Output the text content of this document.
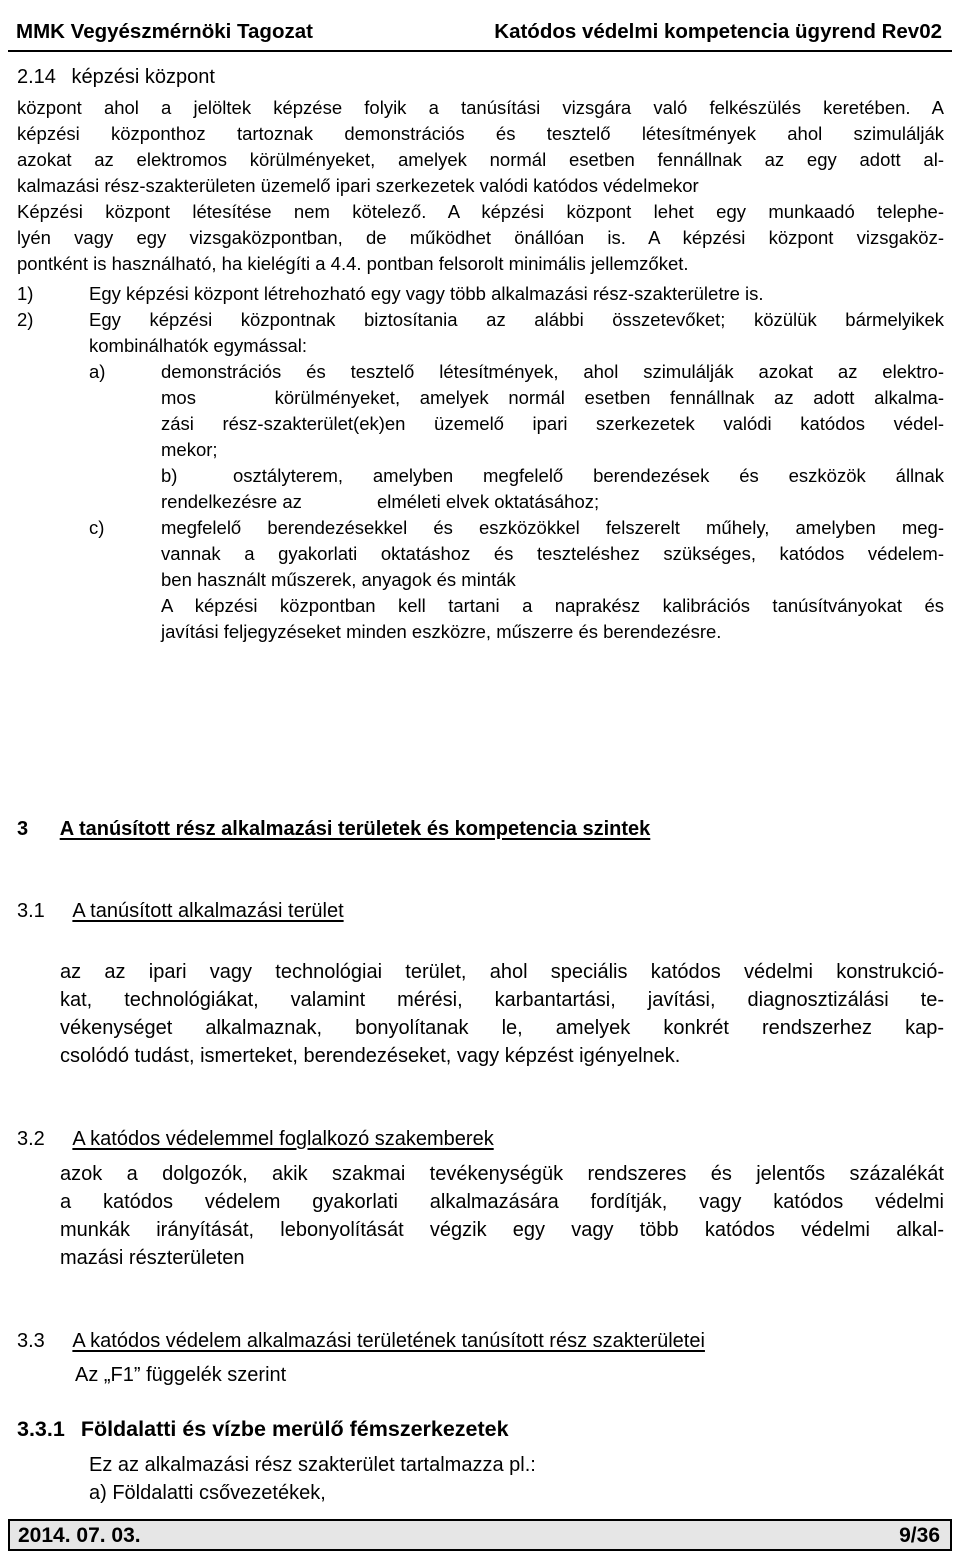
MMK Vegyészmérnöki Tagozat	Katódos védelmi kompetencia ügyrend Rev02
2.14 képzési központ
központ ahol a jelöltek képzése folyik a tanúsítási vizsgára való felkészülés keretében. A
képzési központhoz tartoznak demonstrációs és tesztelő létesítmények ahol szimulálják
azokat az elektromos körülményeket, amelyek normál esetben fennállnak az egy adott al-
kalmazási rész-szakterületen üzemelő ipari szerkezetek valódi katódos védelmekor
Képzési központ létesítése nem kötelező. A képzési központ lehet egy munkaadó telephe-
lyén vagy egy vizsgaközpontban, de működhet önállóan is. A képzési központ vizsgaköz-
pontként is használható, ha kielégíti a 4.4. pontban felsorolt minimális jellemzőket.
1)	Egy képzési központ létrehozható egy vagy több alkalmazási rész-szakterületre is.
2)	Egy képzési központnak biztosítania az alábbi összetevőket; közülük bármelyikek
kombinálhatók egymással:
a)	demonstrációs és tesztelő létesítmények, ahol szimulálják azokat az elektro-
mos    körülményeket, amelyek normál esetben fennállnak az adott alkalma-
zási rész-szakterület(ek)en üzemelő ipari szerkezetek valódi katódos védel-
mekor;
b)	osztályterem, amelyben megfelelő berendezések és eszközök állnak
rendelkezésre az	elméleti elvek oktatásához;
c)	megfelelő berendezésekkel és eszközökkel felszerelt műhely, amelyben meg-
vannak a gyakorlati oktatáshoz és teszteléshez szükséges, katódos védelem-
ben használt műszerek, anyagok és minták
A képzési központban kell tartani a naprakész kalibrációs tanúsítványokat és
javítási feljegyzéseket minden eszközre, műszerre és berendezésre.
3 A tanúsított rész alkalmazási területek és kompetencia szintek
3.1 A tanúsított alkalmazási terület
az az ipari vagy technológiai terület, ahol speciális katódos védelmi konstrukció-
kat, technológiákat, valamint mérési, karbantartási, javítási, diagnosztizálási te-
vékenységet alkalmaznak, bonyolítanak le, amelyek konkrét rendszerhez kap-
csolódó tudást, ismerteket, berendezéseket, vagy képzést igényelnek.
3.2 A katódos védelemmel foglalkozó szakemberek
azok a dolgozók, akik szakmai tevékenységük rendszeres és jelentős százalékát
a katódos védelem gyakorlati alkalmazására fordítják, vagy katódos védelmi
munkák irányítását, lebonyolítását végzik egy vagy több katódos védelmi alkal-
mazási részterületen
3.3 A katódos védelem alkalmazási területének tanúsított rész szakterületei
Az „F1” függelék szerint
3.3.1 Földalatti és vízbe merülő fémszerkezetek
Ez az alkalmazási rész szakterület tartalmazza pl.:
a) Földalatti csővezetékek,
2014. 07. 03.	9/36
